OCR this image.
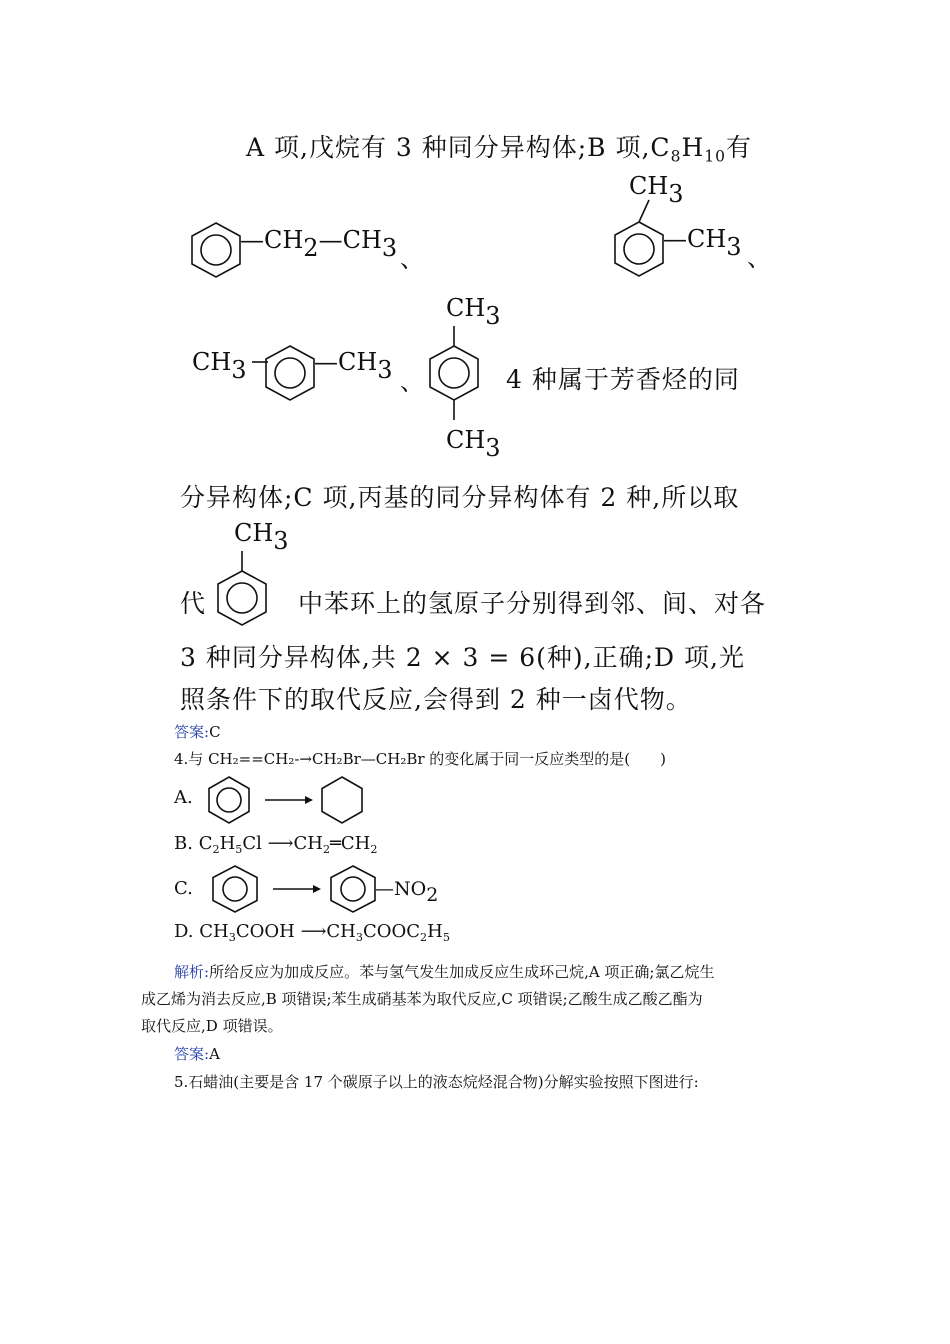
A 项,戊烷有 3 种同分异构体;B 项$,C_8H_{10}$有
—CH2—CH3 、
CH3
—CH3 、
CH3	—CH3 、
CH3
CH3
4 种属于芳香烃的同
分异构体;C 项,丙基的同分异构体有 2 种,所以取
代
CH3
中苯环上的氢原子分别得到邻、间、对各
3 种同分异构体,共 2 × 3 = 6(种),正确;D 项,光
照条件下的取代反应,会得到 2 种一卤代物。
答案:C
4.与 CH₂==CH₂-→CH₂Br—CH₂Br 的变化属于同一反应类型的是(　　)
A.
B. $C_2H_5Cl$ $⟶CH_2═CH_2$
C.	—NO2
D. $CH_3COOH$ $⟶CH_3COOC_2H_5$
解析:所给反应为加成反应。苯与氢气发生加成反应生成环己烷,A 项正确;氯乙烷生
成乙烯为消去反应,B 项错误;苯生成硝基苯为取代反应,C 项错误;乙酸生成乙酸乙酯为
取代反应,D 项错误。
答案:A
5.石蜡油(主要是含 17 个碳原子以上的液态烷烃混合物)分解实验按照下图进行:
